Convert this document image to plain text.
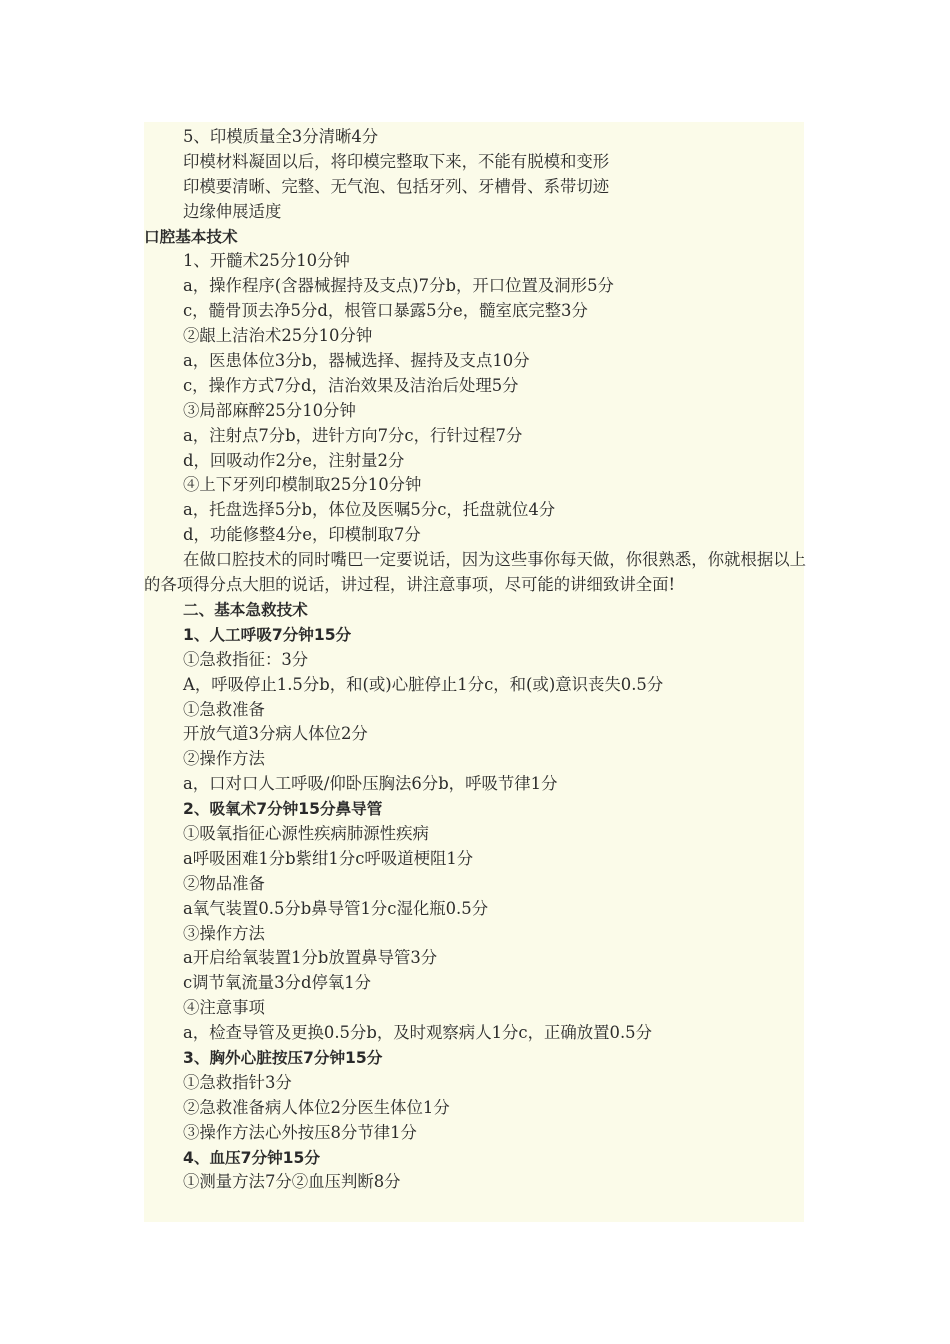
5、印模质量全3分清晰4分
印模材料凝固以后，将印模完整取下来，不能有脱模和变形
印模要清晰、完整、无气泡、包括牙列、牙槽骨、系带切迹
边缘伸展适度
口腔基本技术
1、开髓术25分10分钟
a，操作程序(含器械握持及支点)7分b，开口位置及洞形5分
c，髓骨顶去净5分d，根管口暴露5分e，髓室底完整3分
②龈上洁治术25分10分钟
a，医患体位3分b，器械选择、握持及支点10分
c，操作方式7分d，洁治效果及洁治后处理5分
③局部麻醉25分10分钟
a，注射点7分b，进针方向7分c，行针过程7分
d，回吸动作2分e，注射量2分
④上下牙列印模制取25分10分钟
a，托盘选择5分b，体位及医嘱5分c，托盘就位4分
d，功能修整4分e，印模制取7分
在做口腔技术的同时嘴巴一定要说话，因为这些事你每天做，你很熟悉，你就根据以上的各项得分点大胆的说话，讲过程，讲注意事项，尽可能的讲细致讲全面!
二、基本急救技术
1、人工呼吸7分钟15分
①急救指征：3分
A，呼吸停止1.5分b，和(或)心脏停止1分c，和(或)意识丧失0.5分
①急救准备
开放气道3分病人体位2分
②操作方法
a，口对口人工呼吸/仰卧压胸法6分b，呼吸节律1分
2、吸氧术7分钟15分鼻导管
①吸氧指征心源性疾病肺源性疾病
a呼吸困难1分b紫绀1分c呼吸道梗阻1分
②物品准备
a氧气装置0.5分b鼻导管1分c湿化瓶0.5分
③操作方法
a开启给氧装置1分b放置鼻导管3分
c调节氧流量3分d停氧1分
④注意事项
a，检查导管及更换0.5分b，及时观察病人1分c，正确放置0.5分
3、胸外心脏按压7分钟15分
①急救指针3分
②急救准备病人体位2分医生体位1分
③操作方法心外按压8分节律1分
4、血压7分钟15分
①测量方法7分②血压判断8分
